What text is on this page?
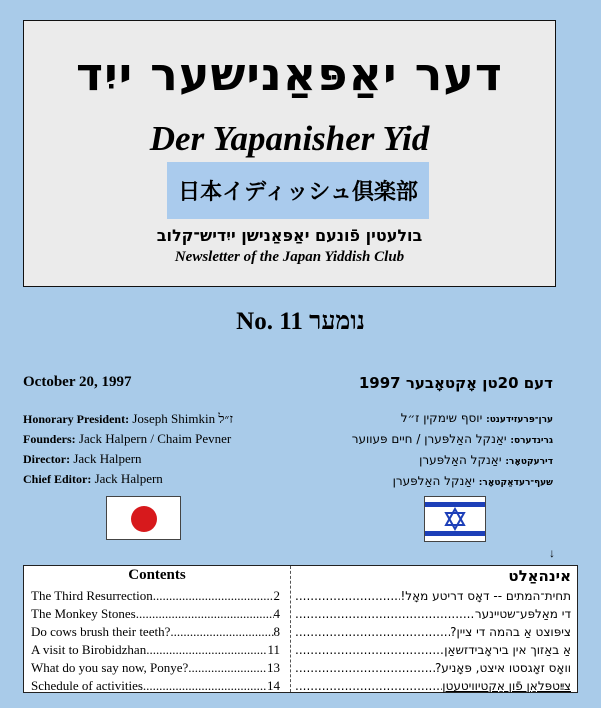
דער יאַפּאַנישער ייִד
Der Yapanisher Yid
日本イディッシュ倶楽部
בולעטין פֿונעם יאַפּאַנישן ייִדיש־קלוב
Newsletter of the Japan Yiddish Club
No. 11 נומער
October 20, 1997	דעם 20טן אָקטאָבער 1997
Honorary President: Joseph Shimkin ז״ל
Founders: Jack Halpern / Chaim Pevner
Director: Jack Halpern
Chief Editor: Jack Halpern
ערן־פּרעזידענט: יוסף שימקין ז״ל
גרינדערס: יאַנקל האַלפּערן / חיים פּעווער
דירעקטאָר: יאַנקל האַלפּערן
שעף־רעדאַקטאָר: יאַנקל האַלפּערן
↓
Contents
The Third Resurrection .....	2
The Monkey Stones .....	4
Do cows brush their teeth? .....	8
A visit to Birobidzhan .....	11
What do you say now, Ponye? .....	13
Schedule of activities .....	14
אינהאַלט
תחית־המתים -- דאָס דריטע מאָל!
.....
די מאַלפּע־שטיינער
.....
ציפּוצט אַ בהמה די ציין?
.....
אַ באַזוך אין ביראָבידזשאַן
.....
וואָס זאָגסטו איצט, פּאָניע?
.....
צײַטפּלאַן פֿון אַקטיוויטעטן
.....
